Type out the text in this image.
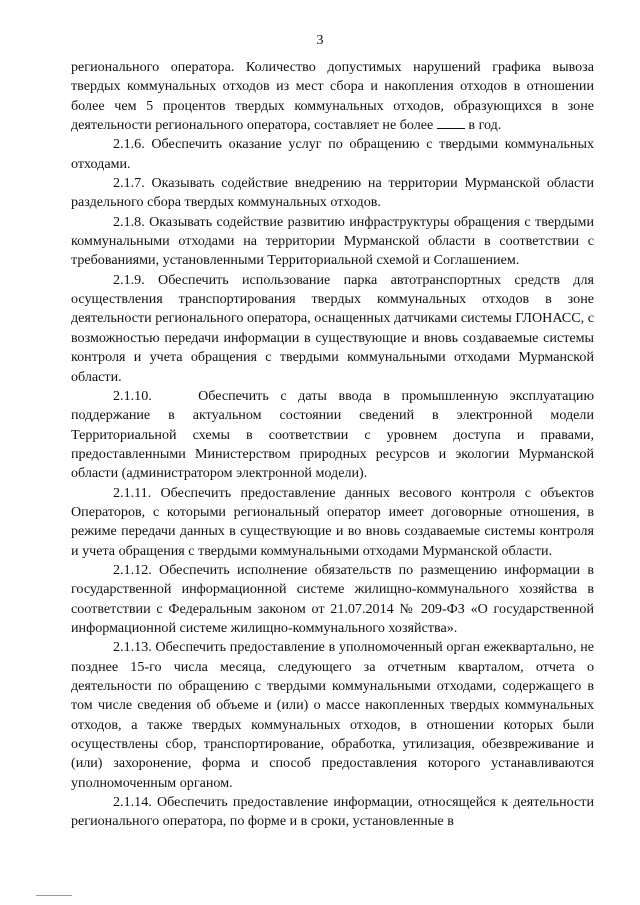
3

регионального оператора. Количество допустимых нарушений графика вывоза твердых коммунальных отходов из мест сбора и накопления отходов в отношении более чем 5 процентов твердых коммунальных отходов, образующихся в зоне деятельности регионального оператора, составляет не более в год.

2.1.6. Обеспечить оказание услуг по обращению с твердыми коммунальных отходами.

2.1.7. Оказывать содействие внедрению на территории Мурманской области раздельного сбора твердых коммунальных отходов.

2.1.8. Оказывать содействие развитию инфраструктуры обращения с твердыми коммунальными отходами на территории Мурманской области в соответствии с требованиями, установленными Территориальной схемой и Соглашением.

2.1.9. Обеспечить использование парка автотранспортных средств для осуществления транспортирования твердых коммунальных отходов в зоне деятельности регионального оператора, оснащенных датчиками системы ГЛОНАСС, с возможностью передачи информации в существующие и вновь создаваемые системы контроля и учета обращения с твердыми коммунальными отходами Мурманской области.

2.1.10.    Обеспечить с даты ввода в промышленную эксплуатацию поддержание в актуальном состоянии сведений в электронной модели Территориальной схемы в соответствии с уровнем доступа и правами, предоставленными Министерством природных ресурсов и экологии Мурманской области (администратором электронной модели).

2.1.11. Обеспечить предоставление данных весового контроля с объектов Операторов, с которыми региональный оператор имеет договорные отношения, в режиме передачи данных в существующие и во вновь создаваемые системы контроля и учета обращения с твердыми коммунальными отходами Мурманской области.

2.1.12. Обеспечить исполнение обязательств по размещению информации в государственной информационной системе жилищно-коммунального хозяйства в соответствии с Федеральным законом от 21.07.2014 № 209-ФЗ «О государственной информационной системе жилищно-коммунального хозяйства».

2.1.13. Обеспечить предоставление в уполномоченный орган ежеквартально, не позднее 15-го числа месяца, следующего за отчетным кварталом, отчета о деятельности по обращению с твердыми коммунальными отходами, содержащего в том числе сведения об объеме и (или) о массе накопленных твердых коммунальных отходов, а также твердых коммунальных отходов, в отношении которых были осуществлены сбор, транспортирование, обработка, утилизация, обезвреживание и (или) захоронение, форма и способ предоставления которого устанавливаются уполномоченным органом.

2.1.14. Обеспечить предоставление информации, относящейся к деятельности регионального оператора, по форме и в сроки, установленные в
